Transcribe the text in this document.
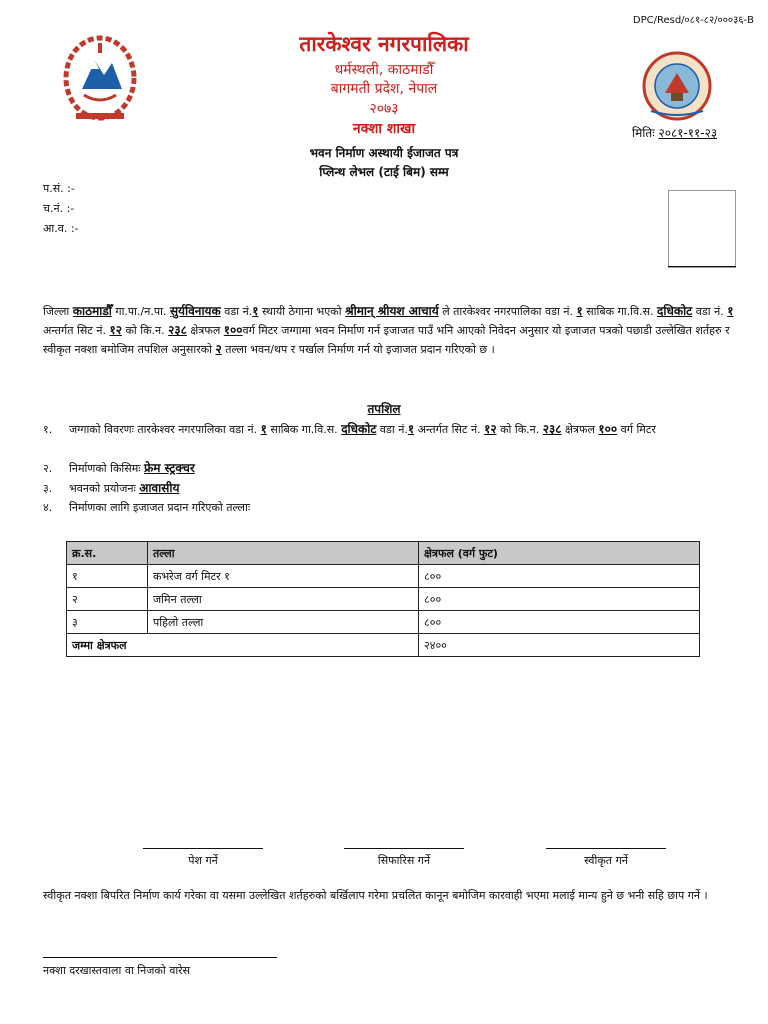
DPC/Resd/०८१-८२/०००३६-B
तारकेश्वर नगरपालिका
धर्मस्थली, काठमाडौँ
बागमती प्रदेश, नेपाल
२०७३
नक्शा शाखा
भवन निर्माण अस्थायी ईजाजत पत्र
प्लिन्थ लेभल (टाई बिम) सम्म
मितिः २०८१-११-२३
प.सं. :-
च.नं. :-
आ.व. :-
जिल्ला काठमाडौँ गा.पा./न.पा. सुर्यविनायक वडा नं.१ स्थायी ठेगाना भएको श्रीमान् श्रीयश आचार्य ले तारकेश्वर नगरपालिका वडा नं. १ साबिक गा.वि.स. दधिकोट वडा नं. १ अन्तर्गत सिट नं. १२ को कि.न. २३८ क्षेत्रफल १००वर्ग मिटर जग्गामा भवन निर्माण गर्न इजाजत पाउँ भनि आएको निवेदन अनुसार यो इजाजत पत्रको पछाडी उल्लेखित शर्तहरु र स्वीकृत नक्शा बमोजिम तपशिल अनुसारको २ तल्ला भवन/थप र पर्खाल निर्माण गर्न यो इजाजत प्रदान गरिएको छ ।
तपशिल
१. जग्गाको विवरणः तारकेश्वर नगरपालिका वडा नं. १ साबिक गा.वि.स. दधिकोट वडा नं.१ अन्तर्गत सिट नं. १२ को कि.न. २३८ क्षेत्रफल १०० वर्ग मिटर
२. निर्माणको किसिमः फ्रेम स्ट्रक्चर
३. भवनको प्रयोजनः आवासीय
४. निर्माणका लागि इजाजत प्रदान गरिएको तल्लाः
क्र.स.	तल्ला	क्षेत्रफल (वर्ग फुट)
१	कभरेज वर्ग मिटर १	८००
२	जमिन तल्ला	८००
३	पहिलो तल्ला	८००
जम्मा क्षेत्रफल		२४००
पेश गर्ने	सिफारिस गर्ने	स्वीकृत गर्ने
स्वीकृत नक्शा बिपरित निर्माण कार्य गरेका वा यसमा उल्लेखित शर्तहरुको बर्खिलाप गरेमा प्रचलित कानून बमोजिम कारवाही भएमा मलाई मान्य हुने छ भनी सहि छाप गर्ने ।
नक्शा दरखास्तवाला वा निजको वारेस
